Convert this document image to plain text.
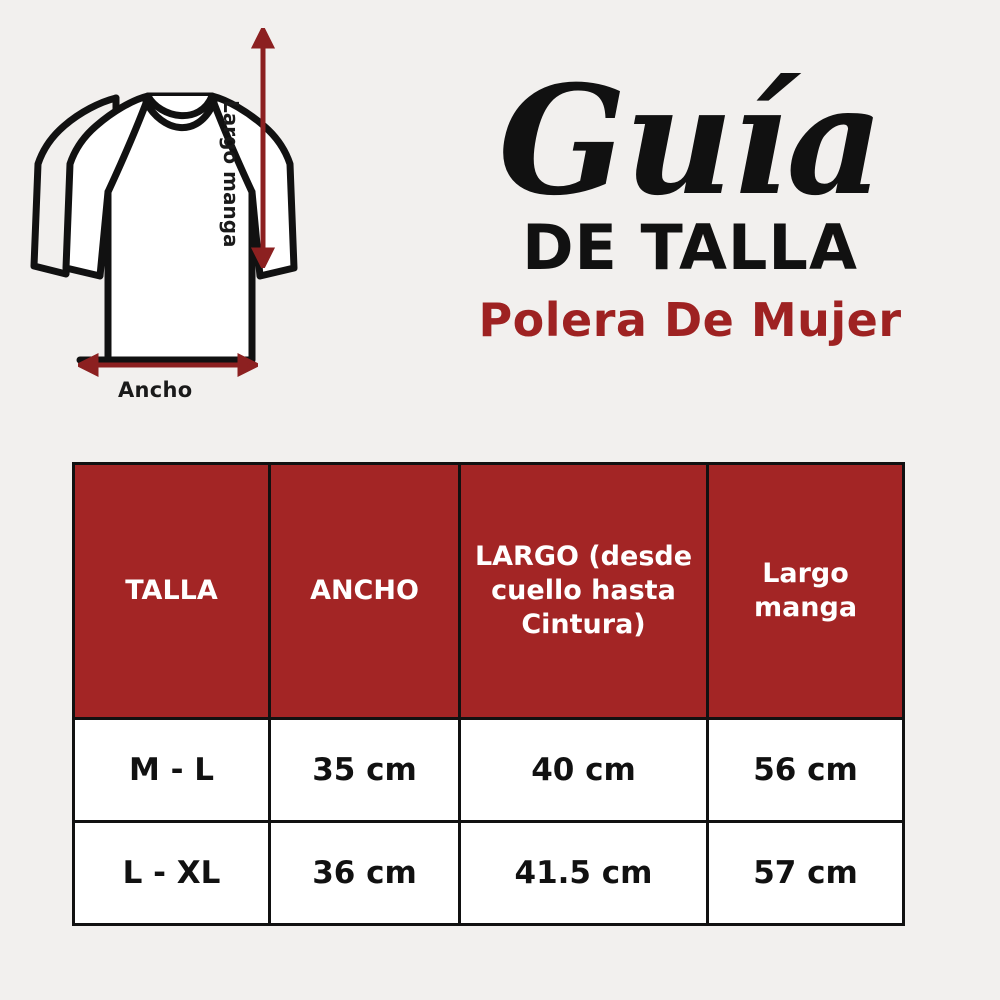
Ancho
Largo manga	Guía
DE TALLA
Polera De Mujer
TALLA	ANCHO	LARGO (desde cuello hasta Cintura)	Largo manga
M - L	35 cm	40 cm	56 cm
L - XL	36 cm	41.5 cm	57 cm
